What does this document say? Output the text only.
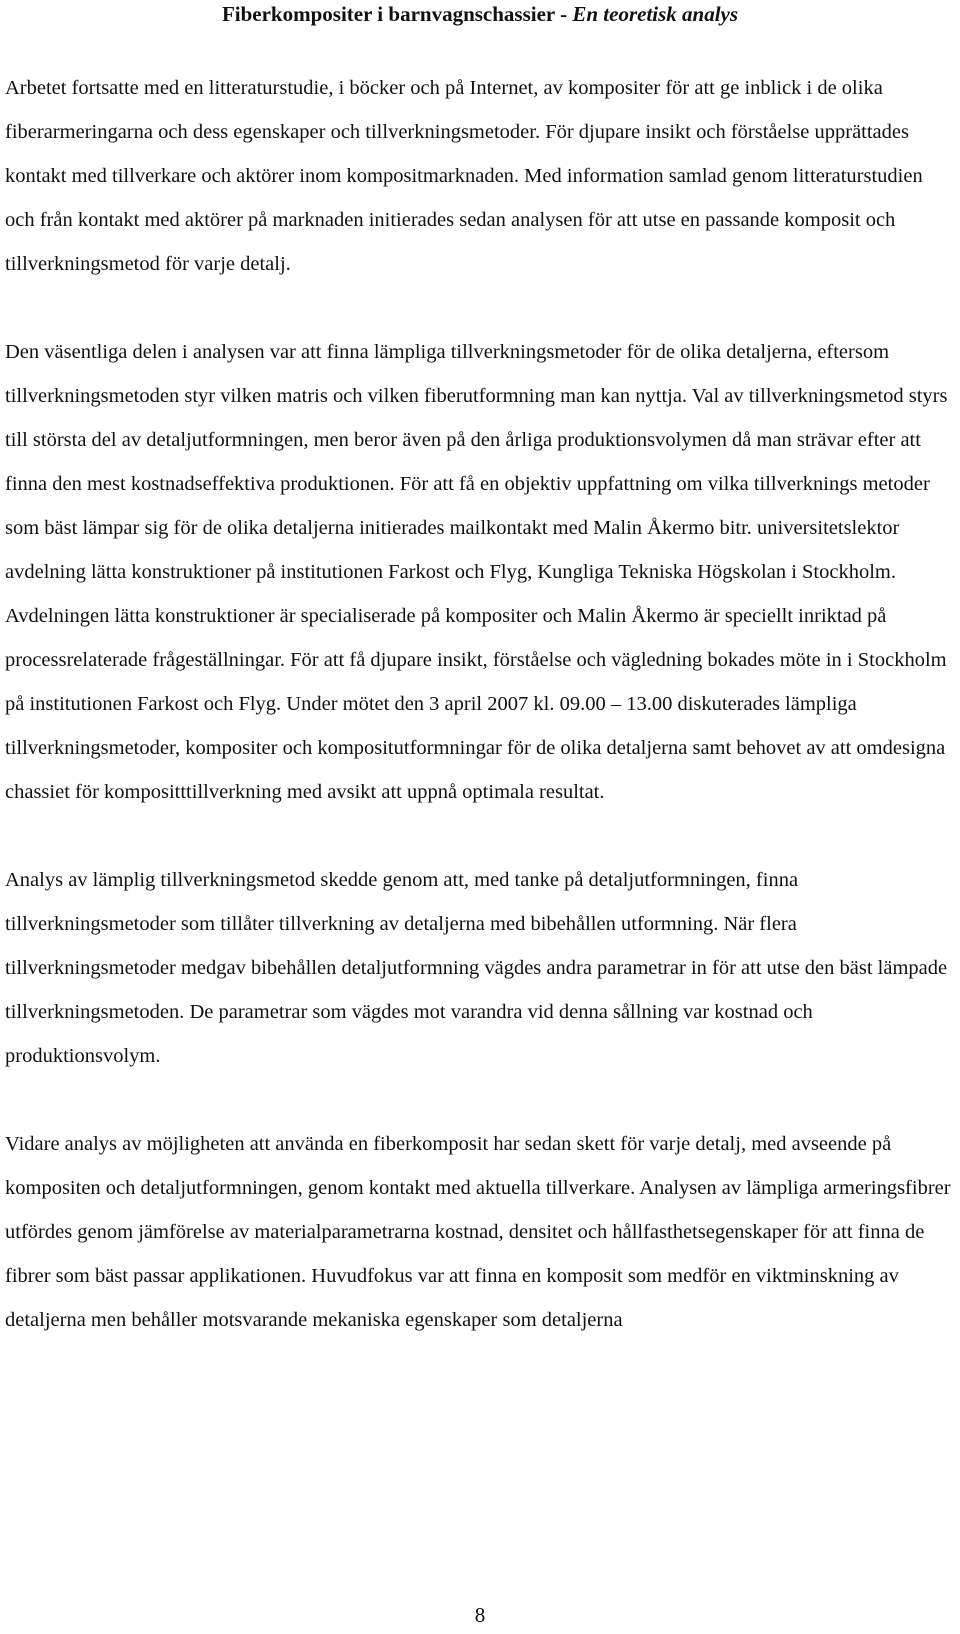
Fiberkompositer i barnvagnschassier - En teoretisk analys

Arbetet fortsatte med en litteraturstudie, i böcker och på Internet, av kompositer för att ge inblick i de olika fiberarmeringarna och dess egenskaper och tillverkningsmetoder. För djupare insikt och förståelse upprättades kontakt med tillverkare och aktörer inom kompositmarknaden. Med information samlad genom litteraturstudien och från kontakt med aktörer på marknaden initierades sedan analysen för att utse en passande komposit och tillverkningsmetod för varje detalj.

Den väsentliga delen i analysen var att finna lämpliga tillverkningsmetoder för de olika detaljerna, eftersom tillverkningsmetoden styr vilken matris och vilken fiberutformning man kan nyttja. Val av tillverkningsmetod styrs till största del av detaljutformningen, men beror även på den årliga produktionsvolymen då man strävar efter att finna den mest kostnadseffektiva produktionen. För att få en objektiv uppfattning om vilka tillverknings metoder som bäst lämpar sig för de olika detaljerna initierades mailkontakt med Malin Åkermo bitr. universitetslektor avdelning lätta konstruktioner på institutionen Farkost och Flyg, Kungliga Tekniska Högskolan i Stockholm. Avdelningen lätta konstruktioner är specialiserade på kompositer och Malin Åkermo är speciellt inriktad på processrelaterade frågeställningar. För att få djupare insikt, förståelse och vägledning bokades möte in i Stockholm på institutionen Farkost och Flyg. Under mötet den 3 april 2007 kl. 09.00 – 13.00 diskuterades lämpliga tillverkningsmetoder, kompositer och kompositutformningar för de olika detaljerna samt behovet av att omdesigna chassiet för kompositttillverkning med avsikt att uppnå optimala resultat.

Analys av lämplig tillverkningsmetod skedde genom att, med tanke på detaljutformningen, finna tillverkningsmetoder som tillåter tillverkning av detaljerna med bibehållen utformning. När flera tillverkningsmetoder medgav bibehållen detaljutformning vägdes andra parametrar in för att utse den bäst lämpade tillverkningsmetoden. De parametrar som vägdes mot varandra vid denna sållning var kostnad och produktionsvolym.

Vidare analys av möjligheten att använda en fiberkomposit har sedan skett för varje detalj, med avseende på kompositen och detaljutformningen, genom kontakt med aktuella tillverkare. Analysen av lämpliga armeringsfibrer utfördes genom jämförelse av materialparametrarna kostnad, densitet och hållfasthetsegenskaper för att finna de fibrer som bäst passar applikationen. Huvudfokus var att finna en komposit som medför en viktminskning av detaljerna men behåller motsvarande mekaniska egenskaper som detaljerna

8
